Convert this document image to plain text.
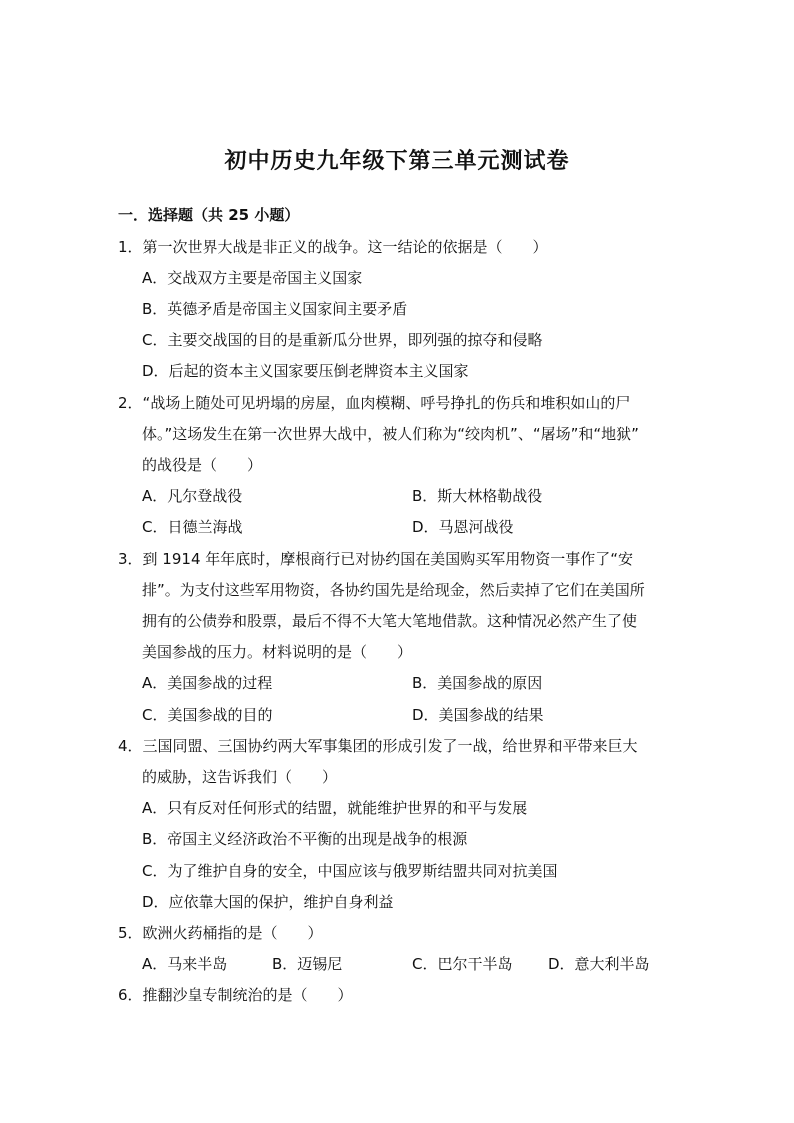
初中历史九年级下第三单元测试卷
一．选择题（共 25 小题）
1．第一次世界大战是非正义的战争。这一结论的依据是（　　）
A．交战双方主要是帝国主义国家
B．英德矛盾是帝国主义国家间主要矛盾
C．主要交战国的目的是重新瓜分世界，即列强的掠夺和侵略
D．后起的资本主义国家要压倒老牌资本主义国家
2．“战场上随处可见坍塌的房屋，血肉模糊、呼号挣扎的伤兵和堆积如山的尸
体。”这场发生在第一次世界大战中，被人们称为“绞肉机”、“屠场”和“地狱”
的战役是（　　）
A．凡尔登战役	B．斯大林格勒战役
C．日德兰海战	D．马恩河战役
3．到 1914 年年底时，摩根商行已对协约国在美国购买军用物资一事作了“安
排”。为支付这些军用物资，各协约国先是给现金，然后卖掉了它们在美国所
拥有的公债券和股票，最后不得不大笔大笔地借款。这种情况必然产生了使
美国参战的压力。材料说明的是（　　）
A．美国参战的过程	B．美国参战的原因
C．美国参战的目的	D．美国参战的结果
4．三国同盟、三国协约两大军事集团的形成引发了一战，给世界和平带来巨大
的威胁，这告诉我们（　　）
A．只有反对任何形式的结盟，就能维护世界的和平与发展
B．帝国主义经济政治不平衡的出现是战争的根源
C．为了维护自身的安全，中国应该与俄罗斯结盟共同对抗美国
D．应依靠大国的保护，维护自身利益
5．欧洲火药桶指的是（　　）
A．马来半岛	B．迈锡尼	C．巴尔干半岛 D．意大利半岛
6．推翻沙皇专制统治的是（　　）
